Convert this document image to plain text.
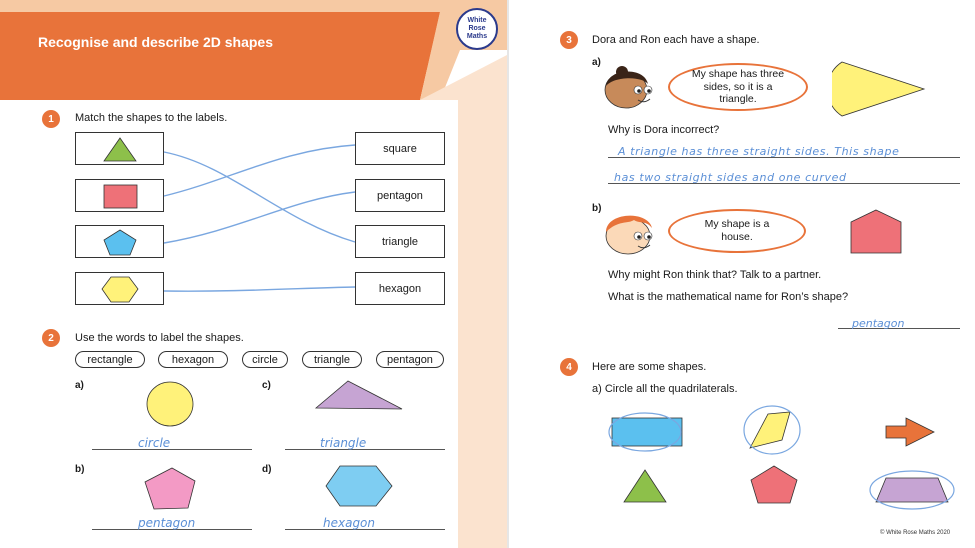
Recognise and describe 2D shapes
White
Rose
Maths
1	Match the shapes to the labels.
square
pentagon
triangle
hexagon
2	Use the words to label the shapes.
rectangle	hexagon	circle	triangle	pentagon
a)
circle
c)
triangle
b)
pentagon
d)
hexagon
3	Dora and Ron each have a shape.
a)
My shape has three sides, so it is a triangle.
Why is Dora incorrect?
A triangle has three straight sides. This shape
has two straight sides and one curved
b)
My shape is a house.
Why might Ron think that? Talk to a partner.
What is the mathematical name for Ron’s shape?
pentagon
4	Here are some shapes.
a) Circle all the quadrilaterals.
© White Rose Maths 2020
